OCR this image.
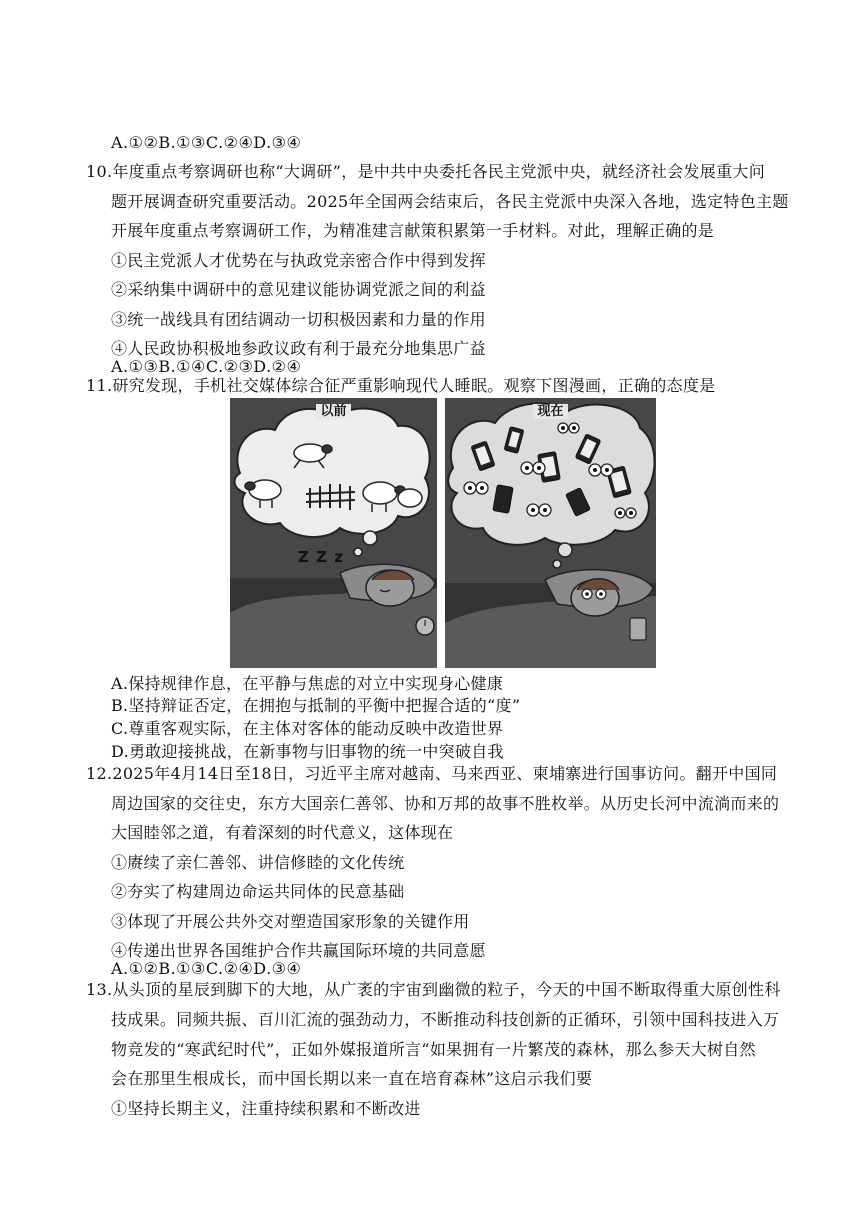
A.①②B.①③C.②④D.③④
10.年度重点考察调研也称“大调研”，是中共中央委托各民主党派中央，就经济社会发展重大问
题开展调查研究重要活动。2025年全国两会结束后，各民主党派中央深入各地，选定特色主题
开展年度重点考察调研工作，为精准建言献策积累第一手材料。对此，理解正确的是
①民主党派人才优势在与执政党亲密合作中得到发挥
②采纳集中调研中的意见建议能协调党派之间的利益
③统一战线具有团结调动一切积极因素和力量的作用
④人民政协积极地参政议政有利于最充分地集思广益
A.①③B.①④C.②③D.②④
11.研究发现，手机社交媒体综合征严重影响现代人睡眠。观察下图漫画，正确的态度是
以前
Z Z z
现在
A.保持规律作息，在平静与焦虑的对立中实现身心健康
B.坚持辩证否定，在拥抱与抵制的平衡中把握合适的“度”
C.尊重客观实际，在主体对客体的能动反映中改造世界
D.勇敢迎接挑战，在新事物与旧事物的统一中突破自我
12.2025年4月14日至18日，习近平主席对越南、马来西亚、柬埔寨进行国事访问。翻开中国同
周边国家的交往史，东方大国亲仁善邻、协和万邦的故事不胜枚举。从历史长河中流淌而来的
大国睦邻之道，有着深刻的时代意义，这体现在
①赓续了亲仁善邻、讲信修睦的文化传统
②夯实了构建周边命运共同体的民意基础
③体现了开展公共外交对塑造国家形象的关键作用
④传递出世界各国维护合作共赢国际环境的共同意愿
A.①②B.①③C.②④D.③④
13.从头顶的星辰到脚下的大地，从广袤的宇宙到幽微的粒子，今天的中国不断取得重大原创性科
技成果。同频共振、百川汇流的强劲动力，不断推动科技创新的正循环，引领中国科技进入万
物竞发的“寒武纪时代”，正如外媒报道所言“如果拥有一片繁茂的森林，那么参天大树自然
会在那里生根成长，而中国长期以来一直在培育森林”这启示我们要
①坚持长期主义，注重持续积累和不断改进
